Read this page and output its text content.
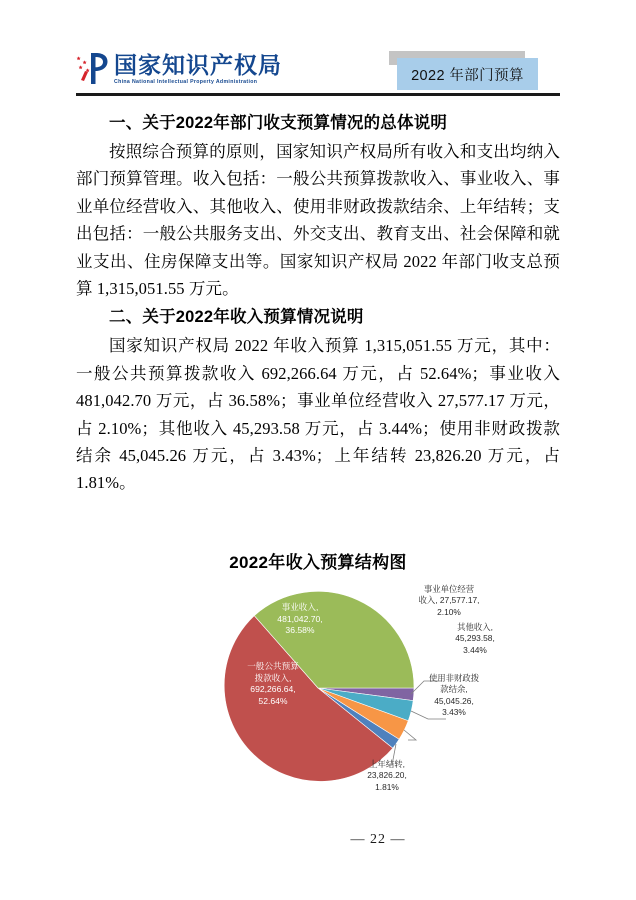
国家知识产权局
China National Intellectual Property Administration	2022 年部门预算
一、关于2022年部门收支预算情况的总体说明

按照综合预算的原则，国家知识产权局所有收入和支出均纳入部门预算管理。收入包括：一般公共预算拨款收入、事业收入、事业单位经营收入、其他收入、使用非财政拨款结余、上年结转；支出包括：一般公共服务支出、外交支出、教育支出、社会保障和就业支出、住房保障支出等。国家知识产权局 2022 年部门收支总预算 1,315,051.55 万元。

二、关于2022年收入预算情况说明

国家知识产权局 2022 年收入预算 1,315,051.55 万元，其中：一般公共预算拨款收入 692,266.64 万元，占 52.64%；事业收入 481,042.70 万元，占 36.58%；事业单位经营收入 27,577.17 万元，占 2.10%；其他收入 45,293.58 万元，占 3.44%；使用非财政拨款结余 45,045.26 万元，占 3.43%；上年结转 23,826.20 万元，占 1.81%。

2022年收入预算结构图
事业收入,
481,042.70,
36.58%
一般公共预算
拨款收入,
692,266.64,
52.64%
事业单位经营
收入, 27,577.17,
2.10%
其他收入,
45,293.58,
3.44%
使用非财政拨
款结余,
45,045.26,
3.43%
上年结转,
23,826.20,
1.81%
— 22 —
